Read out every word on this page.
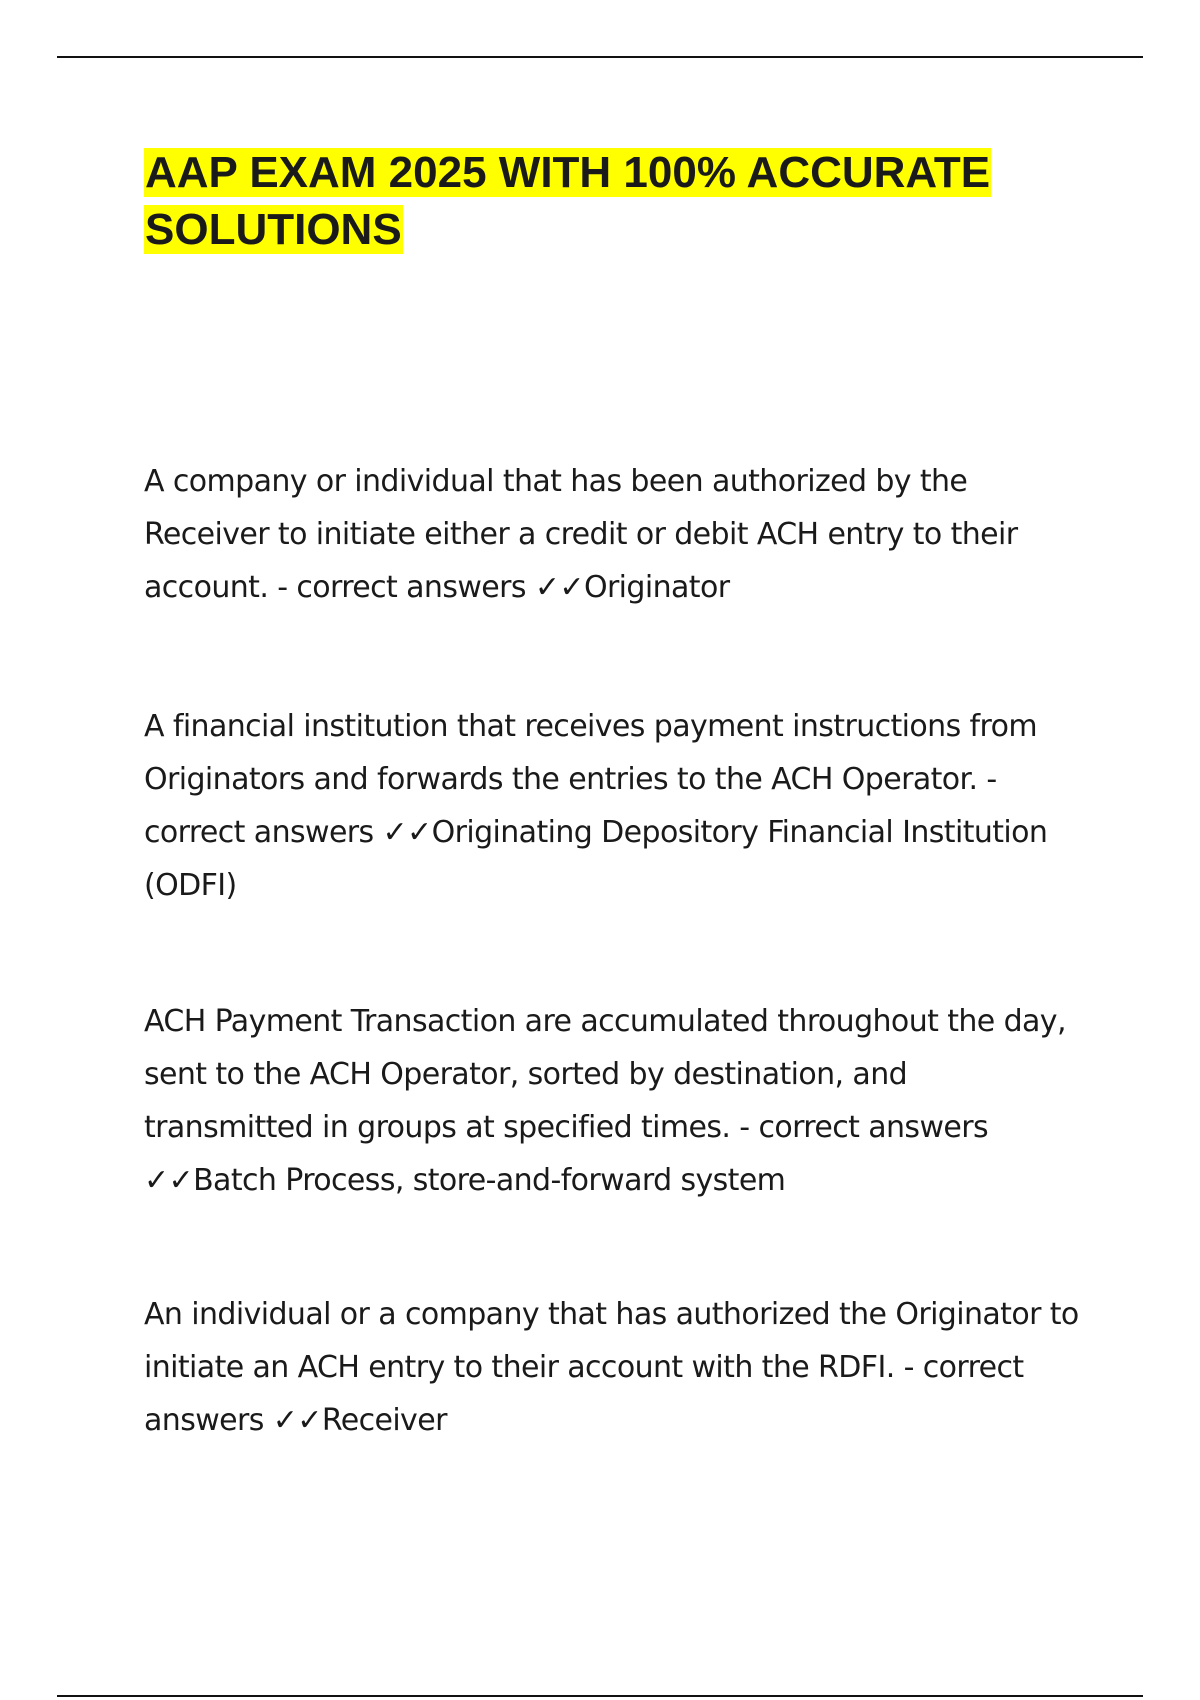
AAP EXAM 2025 WITH 100% ACCURATE SOLUTIONS

A company or individual that has been authorized by the Receiver to initiate either a credit or debit ACH entry to their account. - correct answers ✓✓Originator

A financial institution that receives payment instructions from Originators and forwards the entries to the ACH Operator. - correct answers ✓✓Originating Depository Financial Institution (ODFI)

ACH Payment Transaction are accumulated throughout the day, sent to the ACH Operator, sorted by destination, and transmitted in groups at specified times. - correct answers ✓✓Batch Process, store-and-forward system

An individual or a company that has authorized the Originator to initiate an ACH entry to their account with the RDFI. - correct answers ✓✓Receiver
